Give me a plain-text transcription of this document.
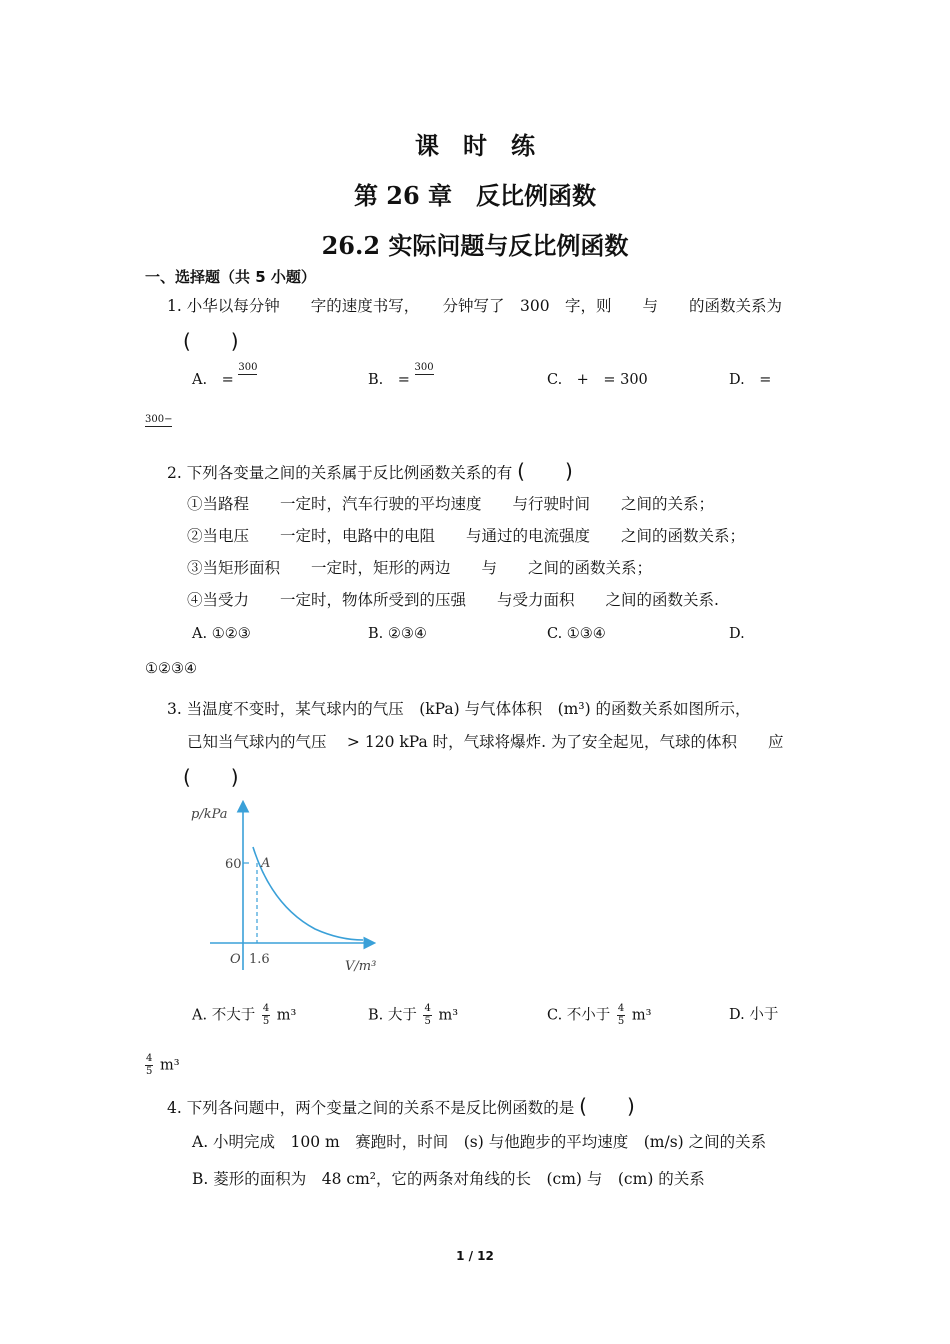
课　时　练
第 26 章　反比例函数
26.2 实际问题与反比例函数
一、选择题（共 5 小题）
1. 小华以每分钟　　字的速度书写，　　分钟写了　300　字，则　　与　　的函数关系为
(　　)
A.　= 300
B.　= 300
C.　+　= 300	D.　=
300−
2. 下列各变量之间的关系属于反比例函数关系的有 (　　)
①当路程　　一定时，汽车行驶的平均速度　　与行驶时间　　之间的关系；
②当电压　　一定时，电路中的电阻　　与通过的电流强度　　之间的函数关系；
③当矩形面积　　一定时，矩形的两边　　与　　之间的函数关系；
④当受力　　一定时，物体所受到的压强　　与受力面积　　之间的函数关系.
A. ①②③	B. ②③④	C. ①③④	D.
①②③④
3. 当温度不变时，某气球内的气压　(kPa) 与气体体积　(m³) 的函数关系如图所示，
已知当气球内的气压　 > 120 kPa 时，气球将爆炸. 为了安全起见，气球的体积　　应
(　　)
p/kPa
60 A
O 1.6	V/m³
A. 不大于 $\frac{4}{5} m^3$	B. 大于 $\frac{4}{5} m^3$	C. 不小于 $\frac{4}{5} m^3$	D. 小于
$\frac{4}{5} m^3$
4. 下列各问题中，两个变量之间的关系不是反比例函数的是 (　　)
A. 小明完成　100 m　赛跑时，时间　(s) 与他跑步的平均速度　(m/s) 之间的关系
B. 菱形的面积为　48 cm²，它的两条对角线的长　(cm) 与　(cm) 的关系
1 / 12
